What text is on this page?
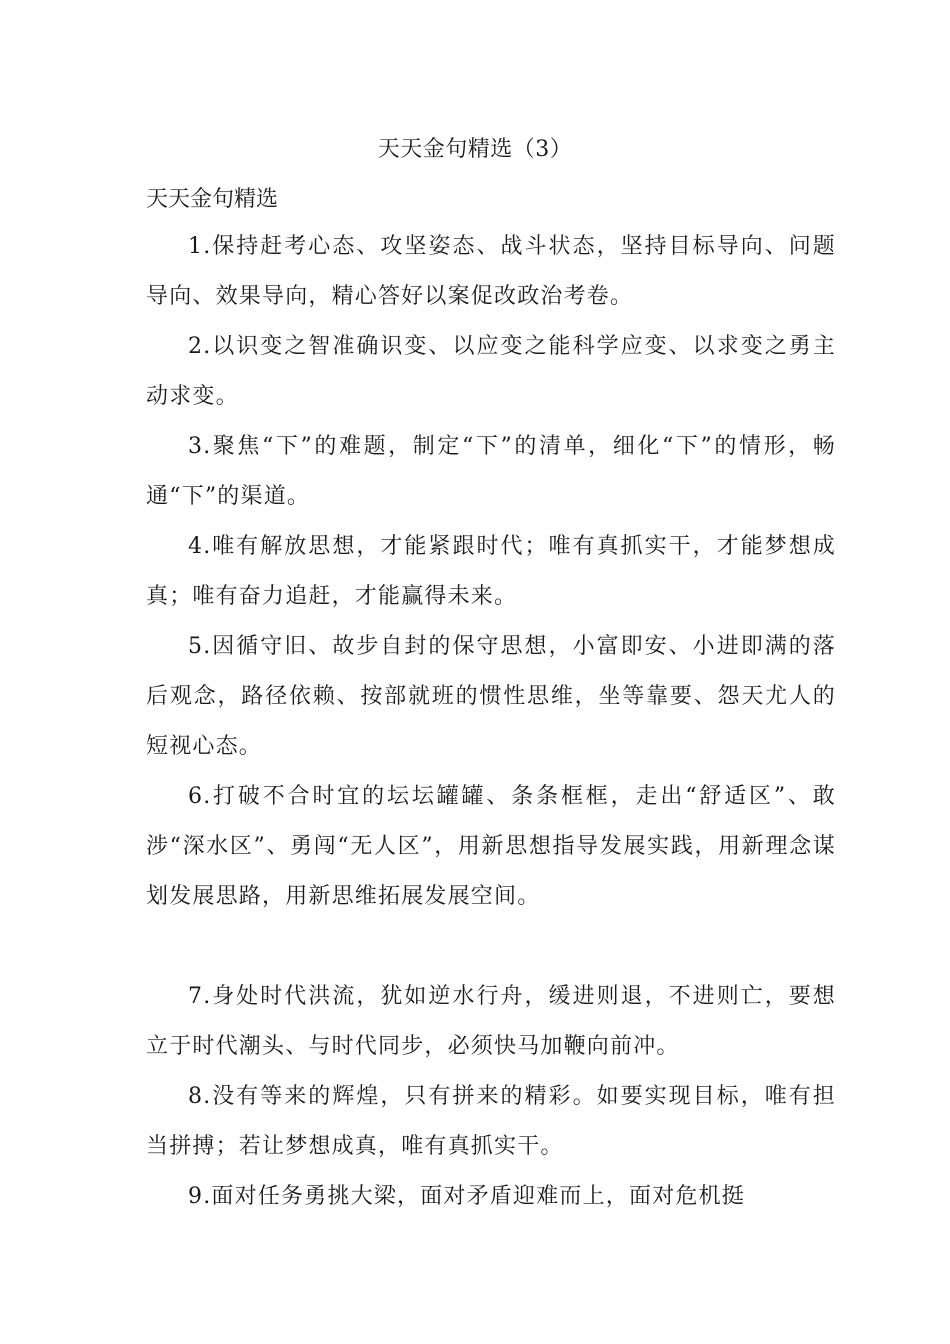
天天金句精选（3）
天天金句精选

1.保持赶考心态、攻坚姿态、战斗状态，坚持目标导向、问题导向、效果导向，精心答好以案促改政治考卷。

2.以识变之智准确识变、以应变之能科学应变、以求变之勇主动求变。

3.聚焦“下”的难题，制定“下”的清单，细化“下”的情形，畅通“下”的渠道。

4.唯有解放思想，才能紧跟时代；唯有真抓实干，才能梦想成真；唯有奋力追赶，才能赢得未来。

5.因循守旧、故步自封的保守思想，小富即安、小进即满的落后观念，路径依赖、按部就班的惯性思维，坐等靠要、怨天尤人的短视心态。

6.打破不合时宜的坛坛罐罐、条条框框，走出“舒适区”、敢涉“深水区”、勇闯“无人区”，用新思想指导发展实践，用新理念谋划发展思路，用新思维拓展发展空间。

7.身处时代洪流，犹如逆水行舟，缓进则退，不进则亡，要想立于时代潮头、与时代同步，必须快马加鞭向前冲。

8.没有等来的辉煌，只有拼来的精彩。如要实现目标，唯有担当拼搏；若让梦想成真，唯有真抓实干。

9.面对任务勇挑大梁，面对矛盾迎难而上，面对危机挺
